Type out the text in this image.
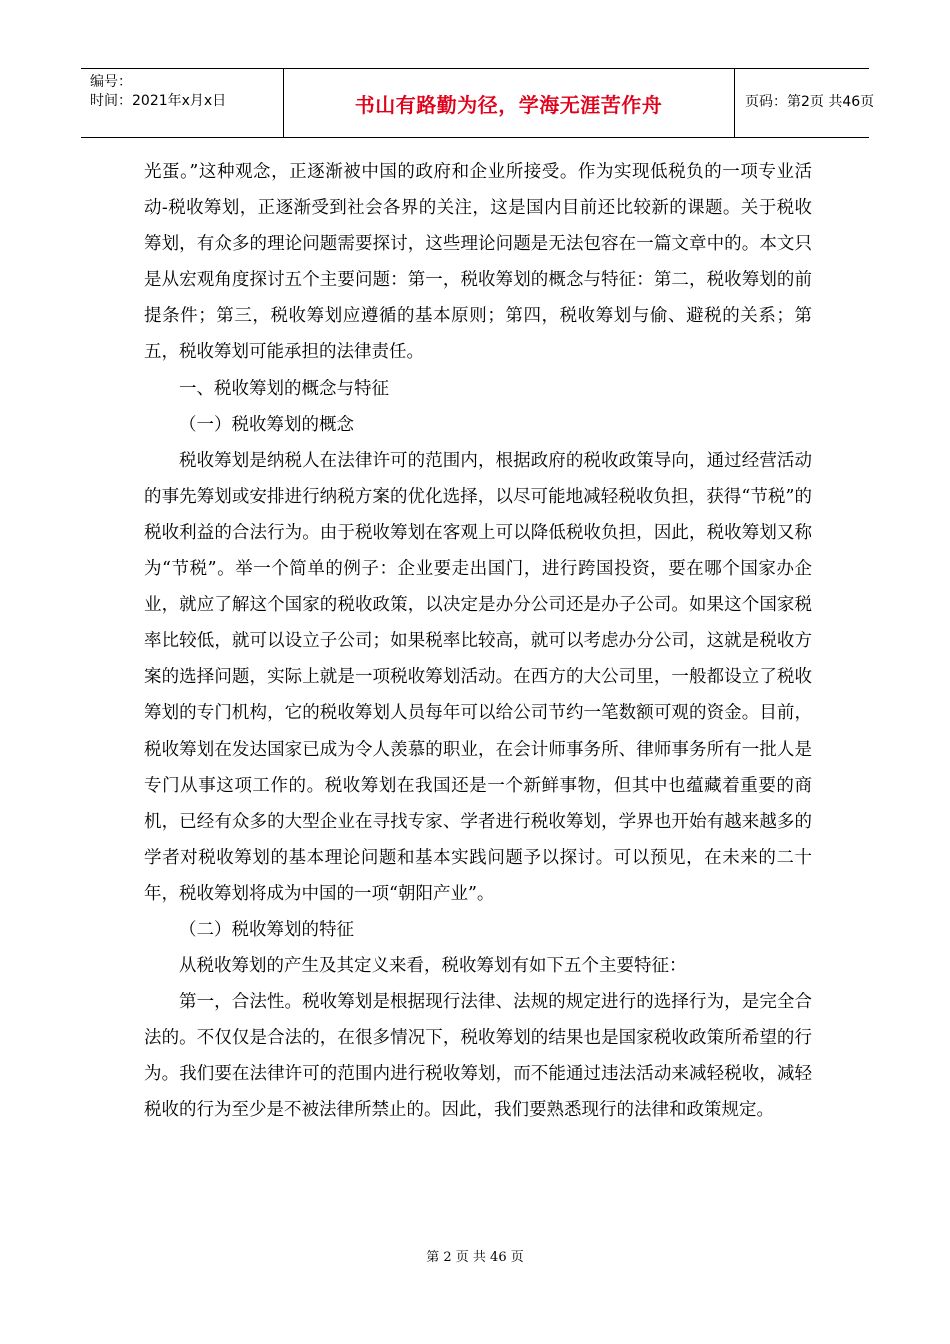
编号：
时间：2021年x月x日	书山有路勤为径，学海无涯苦作舟	页码：第2页 共46页

光蛋。”这种观念，正逐渐被中国的政府和企业所接受。作为实现低税负的一项专业活动-税收筹划，正逐渐受到社会各界的关注，这是国内目前还比较新的课题。关于税收筹划，有众多的理论问题需要探讨，这些理论问题是无法包容在一篇文章中的。本文只是从宏观角度探讨五个主要问题：第一，税收筹划的概念与特征：第二，税收筹划的前提条件；第三，税收筹划应遵循的基本原则；第四，税收筹划与偷、避税的关系；第五，税收筹划可能承担的法律责任。

一、税收筹划的概念与特征

（一）税收筹划的概念

税收筹划是纳税人在法律许可的范围内，根据政府的税收政策导向，通过经营活动的事先筹划或安排进行纳税方案的优化选择，以尽可能地减轻税收负担，获得“节税”的税收利益的合法行为。由于税收筹划在客观上可以降低税收负担，因此，税收筹划又称为“节税”。举一个简单的例子：企业要走出国门，进行跨国投资，要在哪个国家办企业，就应了解这个国家的税收政策，以决定是办分公司还是办子公司。如果这个国家税率比较低，就可以设立子公司；如果税率比较高，就可以考虑办分公司，这就是税收方案的选择问题，实际上就是一项税收筹划活动。在西方的大公司里，一般都设立了税收筹划的专门机构，它的税收筹划人员每年可以给公司节约一笔数额可观的资金。目前，税收筹划在发达国家已成为令人羡慕的职业，在会计师事务所、律师事务所有一批人是专门从事这项工作的。税收筹划在我国还是一个新鲜事物，但其中也蕴藏着重要的商机，已经有众多的大型企业在寻找专家、学者进行税收筹划，学界也开始有越来越多的学者对税收筹划的基本理论问题和基本实践问题予以探讨。可以预见，在未来的二十年，税收筹划将成为中国的一项“朝阳产业”。

（二）税收筹划的特征

从税收筹划的产生及其定义来看，税收筹划有如下五个主要特征：

第一，合法性。税收筹划是根据现行法律、法规的规定进行的选择行为，是完全合法的。不仅仅是合法的，在很多情况下，税收筹划的结果也是国家税收政策所希望的行为。我们要在法律许可的范围内进行税收筹划，而不能通过违法活动来减轻税收，减轻税收的行为至少是不被法律所禁止的。因此，我们要熟悉现行的法律和政策规定。

第 2 页 共 46 页
